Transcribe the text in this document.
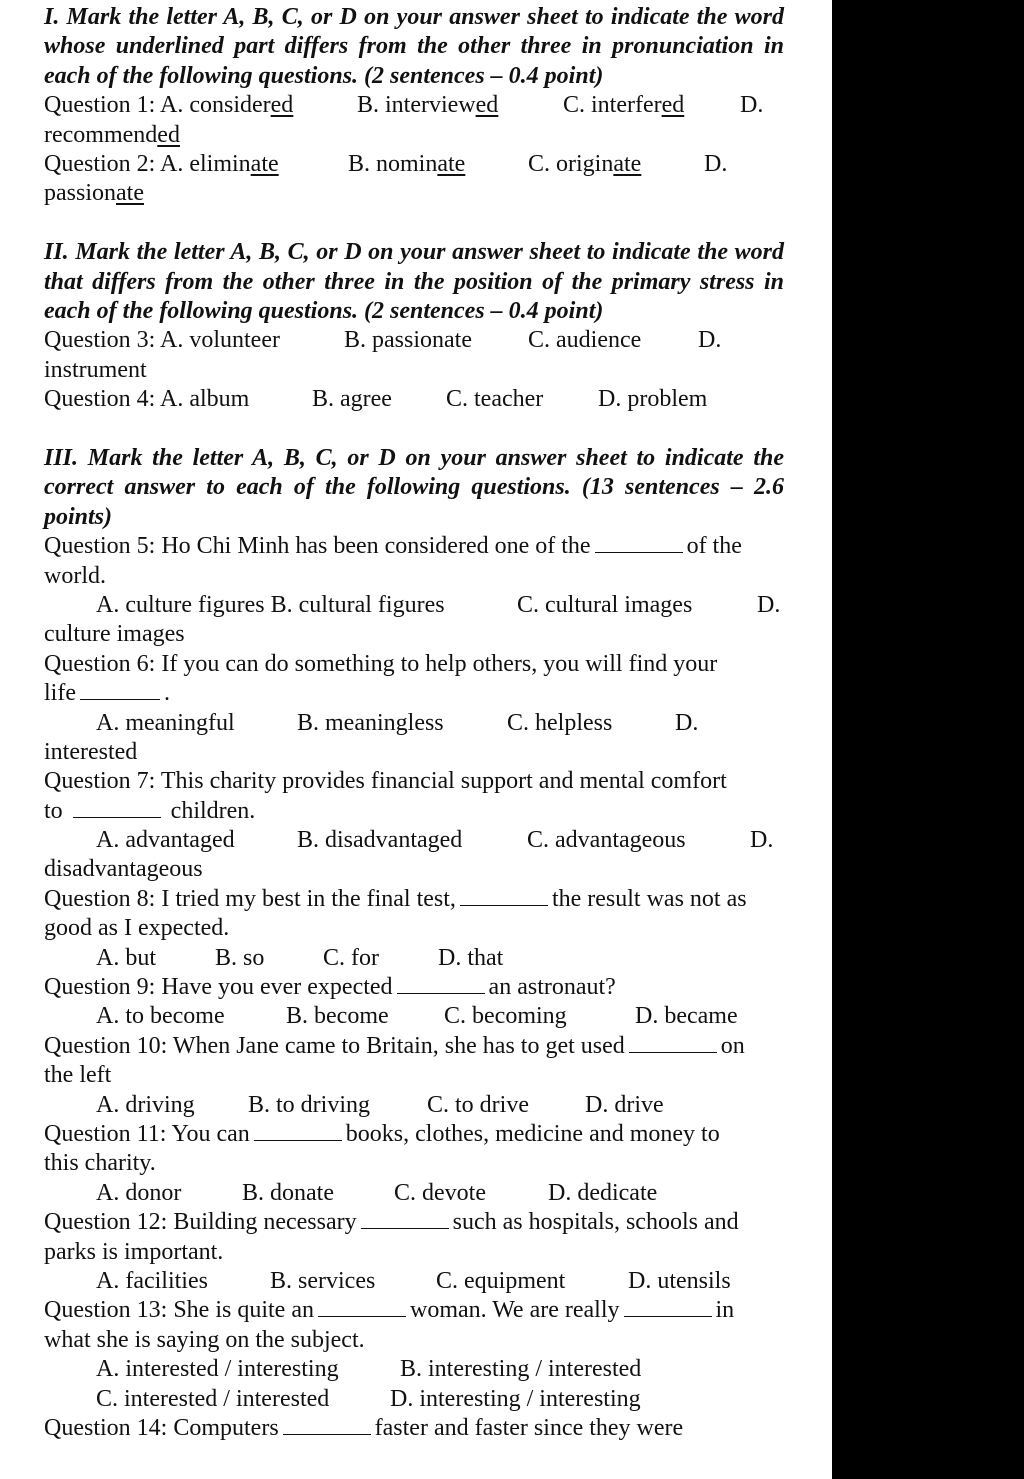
I. Mark the letter A, B, C, or D on your answer sheet to indicate the word whose underlined part differs from the other three in pronunciation in each of the following questions. (2 sentences – 0.4 point)
Question 1: A. considered	B. interviewed	C. interfered D.
recommended
Question 2: A. eliminate	B. nominate	C. originate	D.
passionate
II. Mark the letter A, B, C, or D on your answer sheet to indicate the word that differs from the other three in the position of the primary stress in each of the following questions. (2 sentences – 0.4 point)
Question 3: A. volunteer	B. passionate C. audience D.
instrument
Question 4: A. album	B. agree C. teacher D. problem
III. Mark the letter A, B, C, or D on your answer sheet to indicate the correct answer to each of the following questions. (13 sentences – 2.6 points)
Question 5: Ho Chi Minh has been considered one of the	of the
world.
A. culture figures B. cultural figures	C. cultural images	D.
culture images
Question 6: If you can do something to help others, you will find your
life	.
A. meaningful	B. meaningless	C. helpless	D.
interested
Question 7: This charity provides financial support and mental comfort
to	children.
A. advantaged	B. disadvantaged	C. advantageous	D.
disadvantageous
Question 8: I tried my best in the final test,	the result was not as
good as I expected.
A. but B. so C. for D. that
Question 9: Have you ever expected	an astronaut?
A. to become	B. become C. becoming	D. became
Question 10: When Jane came to Britain, she has to get used	on
the left
A. driving B. to driving C. to drive D. drive
Question 11: You can	books, clothes, medicine and money to
this charity.
A. donor	B. donate	C. devote	D. dedicate
Question 12: Building necessary	such as hospitals, schools and
parks is important.
A. facilities	B. services	C. equipment	D. utensils
Question 13: She is quite an	woman. We are really	in
what she is saying on the subject.
A. interested / interesting	B. interesting / interested
C. interested / interested	D. interesting / interesting
Question 14: Computers	faster and faster since they were
